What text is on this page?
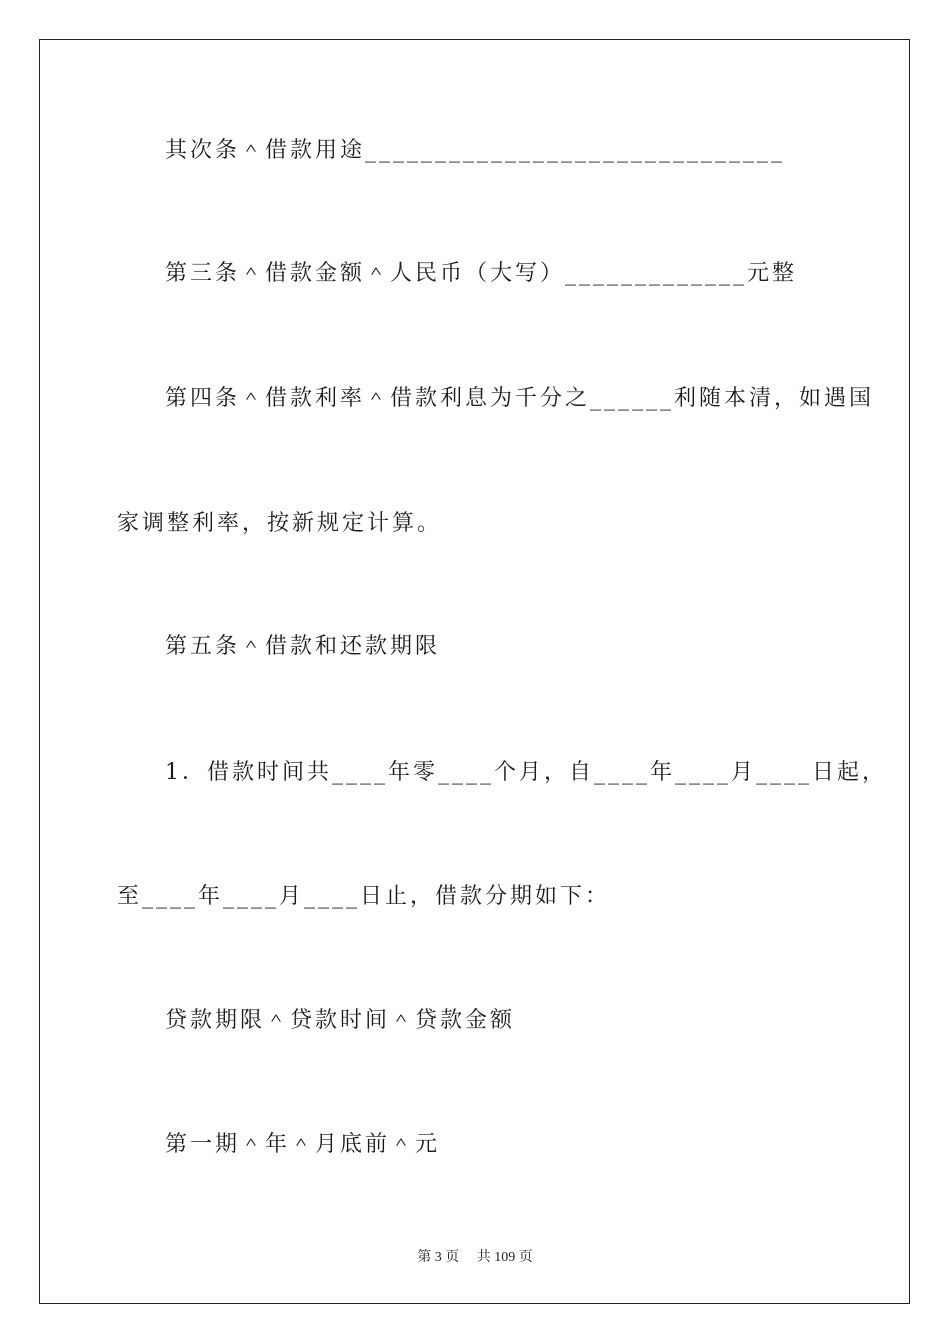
其次条＾借款用途______________________________
第三条＾借款金额＾人民币（大写）_____________元整
第四条＾借款利率＾借款利息为千分之______利随本清，如遇国
家调整利率，按新规定计算。
第五条＾借款和还款期限
1．借款时间共____年零____个月，自____年____月____日起，
至____年____月____日止，借款分期如下：
贷款期限＾贷款时间＾贷款金额
第一期＾年＾月底前＾元
第 3 页　 共 109 页
